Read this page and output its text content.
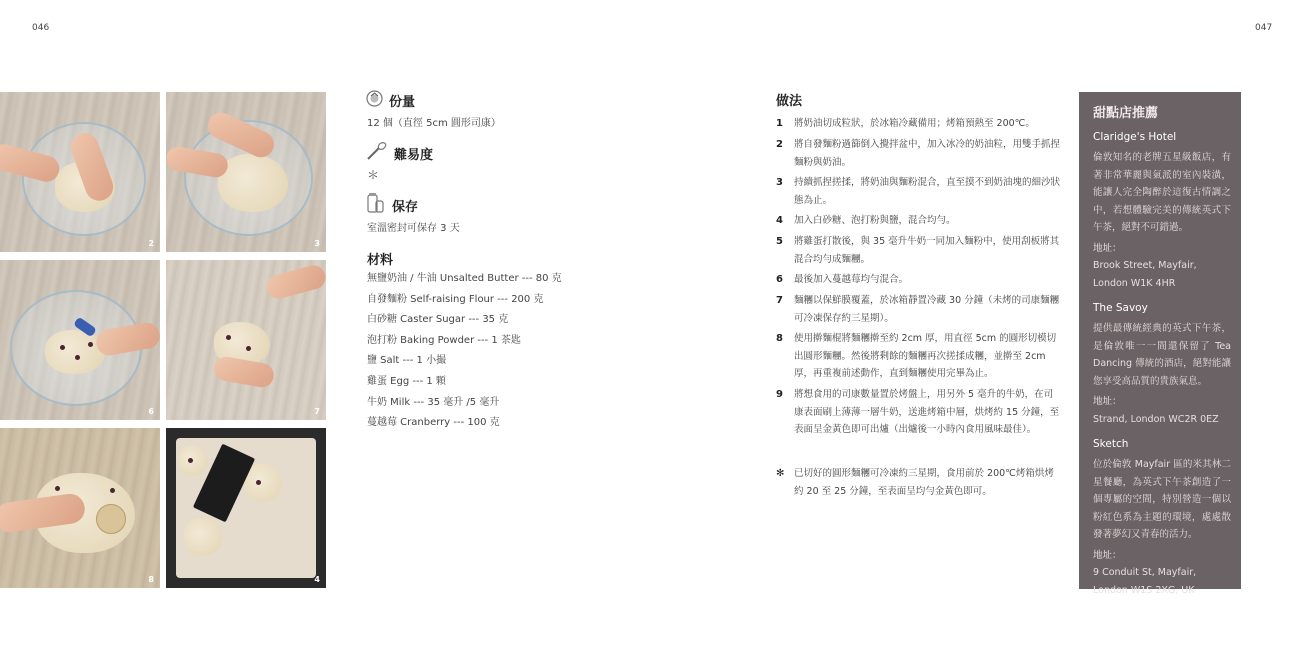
046	047
2	3
6	7
8	4
份量
12 個（直徑 5cm 圓形司康）
難易度
＊
保存
室溫密封可保存 3 天
材料
無鹽奶油 / 牛油 Unsalted Butter --- 80 克
自發麵粉 Self-raising Flour --- 200 克
白砂糖 Caster Sugar --- 35 克
泡打粉 Baking Powder --- 1 茶匙
鹽 Salt --- 1 小撮
雞蛋 Egg --- 1 顆
牛奶 Milk --- 35 毫升 /5 毫升
蔓越莓 Cranberry --- 100 克
做法
1	將奶油切成粒狀，於冰箱冷藏備用；烤箱預熱至 200℃。
2	將自發麵粉過篩倒入攪拌盆中，加入冰冷的奶油粒，用雙手抓捏麵粉與奶油。
3	持續抓捏搓揉，將奶油與麵粉混合，直至摸不到奶油塊的細沙狀態為止。
4	加入白砂糖、泡打粉與鹽，混合均勻。
5	將雞蛋打散後，與 35 毫升牛奶一同加入麵粉中，使用刮板將其混合均勻成麵糰。
6	最後加入蔓越莓均勻混合。
7	麵糰以保鮮膜覆蓋，於冰箱靜置冷藏 30 分鐘（未烤的司康麵糰可冷凍保存約三星期）。
8	使用擀麵棍將麵糰擀至約 2cm 厚，用直徑 5cm 的圓形切模切出圓形麵糰。然後將剩餘的麵糰再次搓揉成糰，並擀至 2cm 厚，再重複前述動作，直到麵糰使用完畢為止。
9	將想食用的司康數量置於烤盤上，用另外 5 毫升的牛奶，在司康表面刷上薄薄一層牛奶，送進烤箱中層，烘烤約 15 分鐘，至表面呈金黃色即可出爐（出爐後一小時內食用風味最佳）。
✻	已切好的圓形麵糰可冷凍約三星期，食用前於 200℃烤箱烘烤約 20 至 25 分鐘，至表面呈均勻金黃色即可。
甜點店推薦
Claridge's Hotel
倫敦知名的老牌五星級飯店，有著非常華麗與氣派的室內裝潢，能讓人完全陶醉於這復古情調之中，若想體驗完美的傳統英式下午茶，絕對不可錯過。
地址：
Brook Street, Mayfair, London W1K 4HR
The Savoy
提供最傳統經典的英式下午茶，是倫敦唯一一間還保留了 Tea Dancing 傳統的酒店，絕對能讓您享受高品質的貴族氣息。
地址：
Strand, London WC2R 0EZ
Sketch
位於倫敦 Mayfair 區的米其林二星餐廳，為英式下午茶創造了一個專屬的空間，特別營造一個以粉紅色系為主題的環境，處處散發著夢幻又青春的活力。
地址：
9 Conduit St, Mayfair, London W1S 2XG, UK
